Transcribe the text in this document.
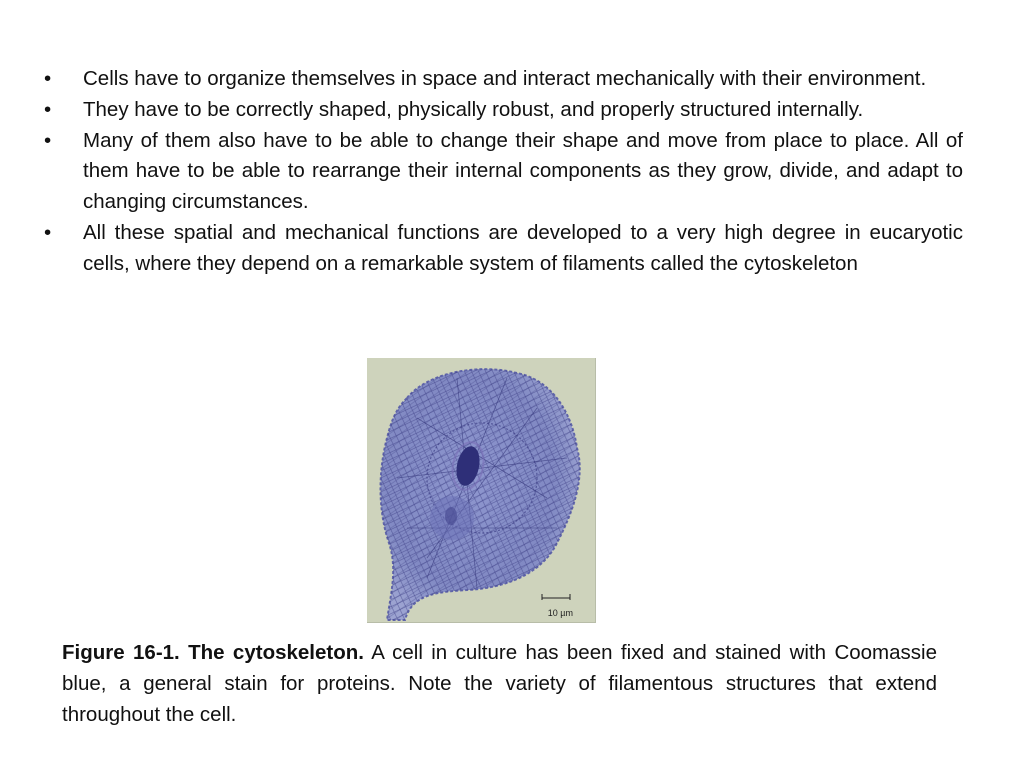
• Cells have to organize themselves in space and interact mechanically with their environment.
• They have to be correctly shaped, physically robust, and properly structured internally.
• Many of them also have to be able to change their shape and move from place to place. All of them have to be able to rearrange their internal components as they grow, divide, and adapt to changing circumstances.
• All these spatial and mechanical functions are developed to a very high degree in eucaryotic cells, where they depend on a remarkable system of filaments called the cytoskeleton
10 µm

Figure 16-1. The cytoskeleton. A cell in culture has been fixed and stained with Coomassie blue, a general stain for proteins. Note the variety of filamentous structures that extend throughout the cell.
